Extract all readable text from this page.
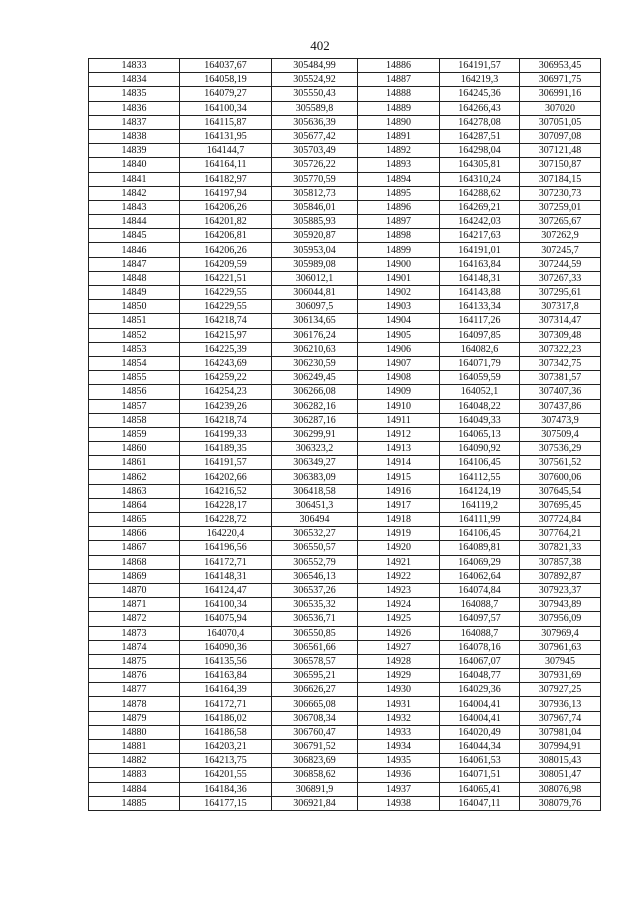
402
14833	164037,67	305484,99	14886	164191,57	306953,45
14834	164058,19	305524,92	14887	164219,3	306971,75
14835	164079,27	305550,43	14888	164245,36	306991,16
14836	164100,34	305589,8	14889	164266,43	307020
14837	164115,87	305636,39	14890	164278,08	307051,05
14838	164131,95	305677,42	14891	164287,51	307097,08
14839	164144,7	305703,49	14892	164298,04	307121,48
14840	164164,11	305726,22	14893	164305,81	307150,87
14841	164182,97	305770,59	14894	164310,24	307184,15
14842	164197,94	305812,73	14895	164288,62	307230,73
14843	164206,26	305846,01	14896	164269,21	307259,01
14844	164201,82	305885,93	14897	164242,03	307265,67
14845	164206,81	305920,87	14898	164217,63	307262,9
14846	164206,26	305953,04	14899	164191,01	307245,7
14847	164209,59	305989,08	14900	164163,84	307244,59
14848	164221,51	306012,1	14901	164148,31	307267,33
14849	164229,55	306044,81	14902	164143,88	307295,61
14850	164229,55	306097,5	14903	164133,34	307317,8
14851	164218,74	306134,65	14904	164117,26	307314,47
14852	164215,97	306176,24	14905	164097,85	307309,48
14853	164225,39	306210,63	14906	164082,6	307322,23
14854	164243,69	306230,59	14907	164071,79	307342,75
14855	164259,22	306249,45	14908	164059,59	307381,57
14856	164254,23	306266,08	14909	164052,1	307407,36
14857	164239,26	306282,16	14910	164048,22	307437,86
14858	164218,74	306287,16	14911	164049,33	307473,9
14859	164199,33	306299,91	14912	164065,13	307509,4
14860	164189,35	306323,2	14913	164090,92	307536,29
14861	164191,57	306349,27	14914	164106,45	307561,52
14862	164202,66	306383,09	14915	164112,55	307600,06
14863	164216,52	306418,58	14916	164124,19	307645,54
14864	164228,17	306451,3	14917	164119,2	307695,45
14865	164228,72	306494	14918	164111,99	307724,84
14866	164220,4	306532,27	14919	164106,45	307764,21
14867	164196,56	306550,57	14920	164089,81	307821,33
14868	164172,71	306552,79	14921	164069,29	307857,38
14869	164148,31	306546,13	14922	164062,64	307892,87
14870	164124,47	306537,26	14923	164074,84	307923,37
14871	164100,34	306535,32	14924	164088,7	307943,89
14872	164075,94	306536,71	14925	164097,57	307956,09
14873	164070,4	306550,85	14926	164088,7	307969,4
14874	164090,36	306561,66	14927	164078,16	307961,63
14875	164135,56	306578,57	14928	164067,07	307945
14876	164163,84	306595,21	14929	164048,77	307931,69
14877	164164,39	306626,27	14930	164029,36	307927,25
14878	164172,71	306665,08	14931	164004,41	307936,13
14879	164186,02	306708,34	14932	164004,41	307967,74
14880	164186,58	306760,47	14933	164020,49	307981,04
14881	164203,21	306791,52	14934	164044,34	307994,91
14882	164213,75	306823,69	14935	164061,53	308015,43
14883	164201,55	306858,62	14936	164071,51	308051,47
14884	164184,36	306891,9	14937	164065,41	308076,98
14885	164177,15	306921,84	14938	164047,11	308079,76
